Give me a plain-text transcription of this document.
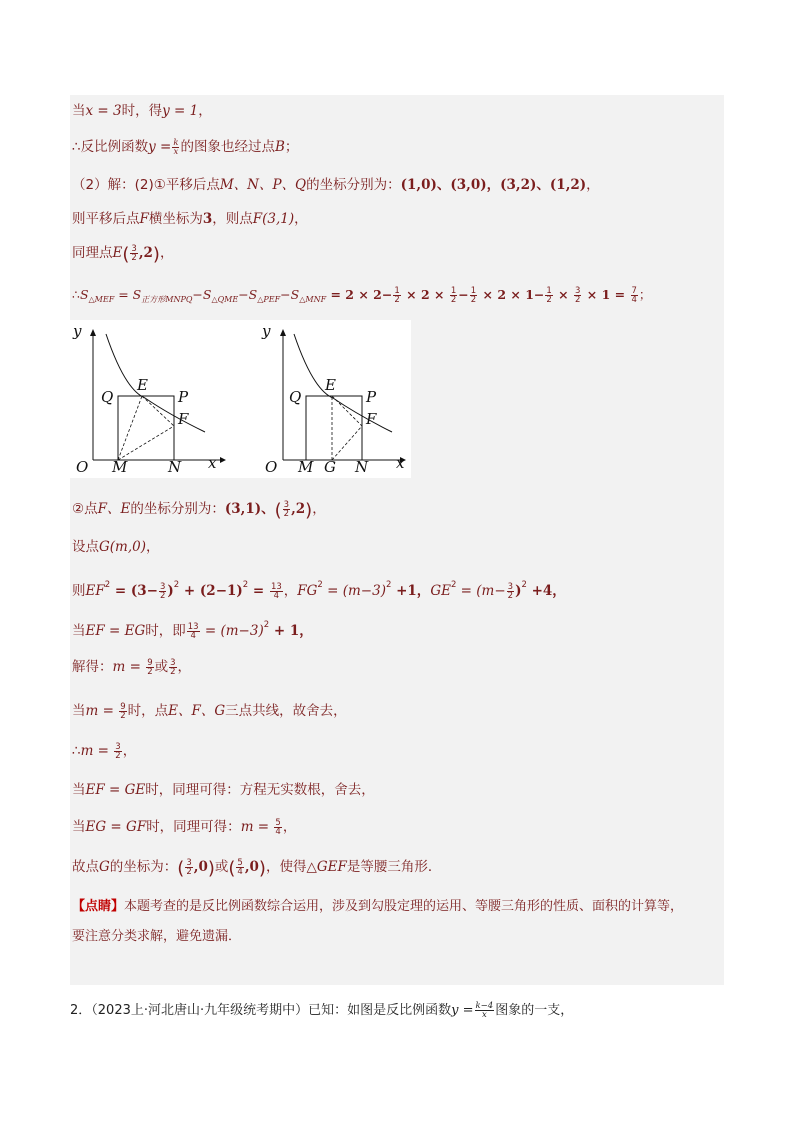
当x = 3时，得y = 1，
∴反比例函数$y = \frac{k}{x}$ 的图象也经过点B；
（2）解：(2)①平移后点M、N、P、Q的坐标分别为：(1,0)、(3,0)，(3,2)、(1,2)，
则平移后点F横坐标为3，则点F(3,1)，
同理点$E( \frac{3}{2} ,2)$，
$\therefore S_{\triangle MEF} = S_{正方形MNPQ}-S_{\triangle QME}-S_{\triangle PEF}-S_{\triangle MNF} = 2 \times 2- \frac{1}{2} \times 2 \times \frac{1}{2} - \frac{1}{2} \times 2 \times 1- \frac{1}{2} \times \frac{3}{2} \times 1 = \frac{7}{4}$ ；
y
x
O M	N
Q
E
P
F
y
x
O M G N
Q
E
P
F
②点F、E的坐标分别为：(3,1)、( $\frac{3}{2} ,2$)，
设点G(m,0)，
则$EF^2 = (3- \frac{3}{2} )^2 + (2-1)^2 = \frac{13}{4}$ ，$FG^2 = (m-3)^2 +1$，$GE^2 = (m- \frac{3}{2} )^2 +4$，
当EF = EG时，即 $\frac{13}{4} = (m-3)^2 + 1$，
解得：$m = \frac{9}{2}$ 或 $\frac{3}{2}$ ，
当$m = \frac{9}{2}$ 时，点E、F、G三点共线，故舍去，
∴m = $\frac{3}{2}$ ，
当EF = GE时，同理可得：方程无实数根，舍去，
当EG = GF时，同理可得：$m = \frac{5}{4}$ ，
故点G的坐标为：( $\frac{3}{2} ,0$)或( $\frac{5}{4} ,0$)，使得△GEF是等腰三角形．
【点睛】本题考查的是反比例函数综合运用，涉及到勾股定理的运用、等腰三角形的性质、面积的计算等，
要注意分类求解，避免遗漏．
2．（2023上·河北唐山·九年级统考期中）已知：如图是反比例函数$y = \frac{k-4}{x}$ 图象的一支，
